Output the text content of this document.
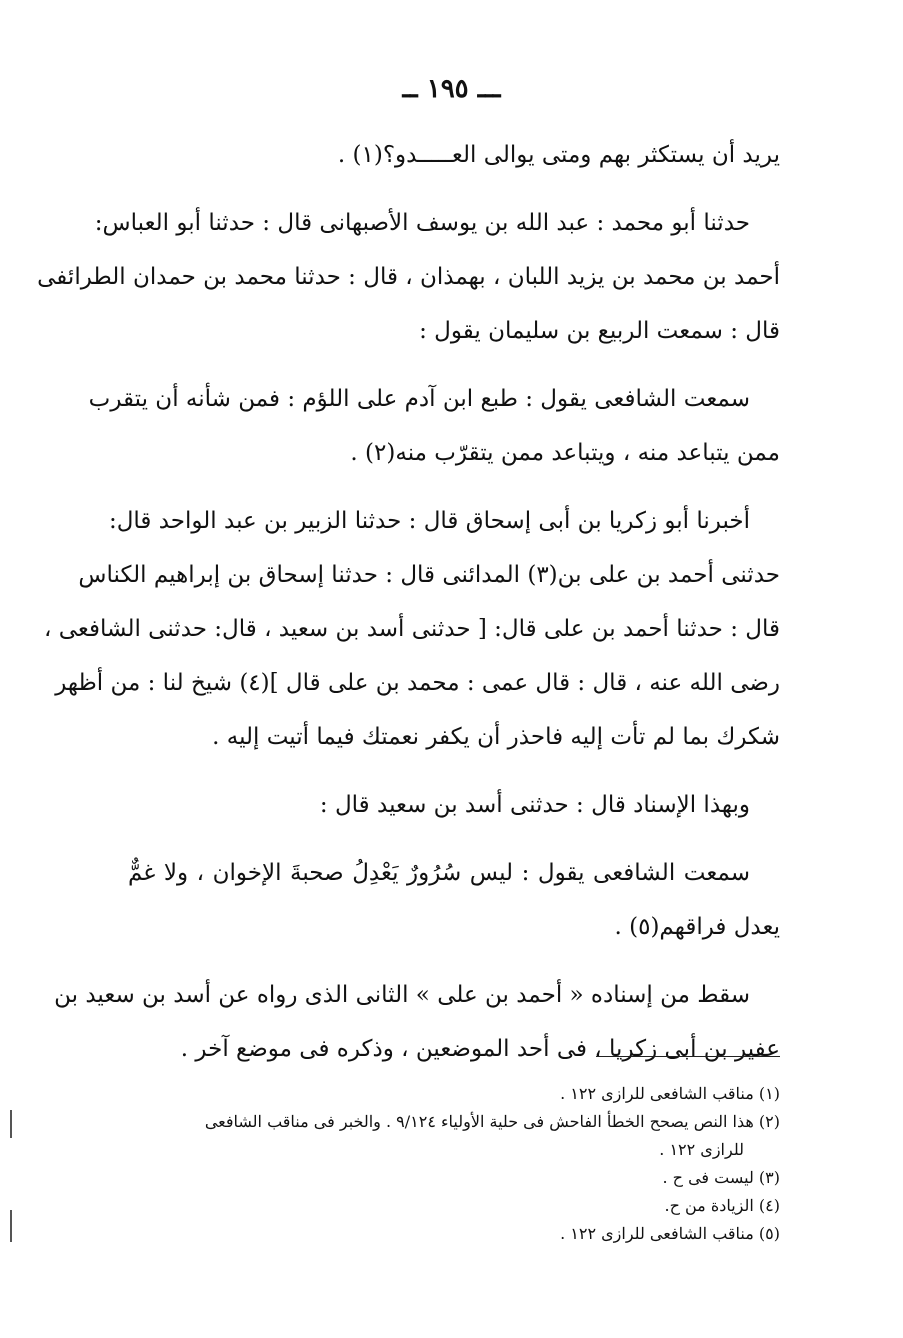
ـــ ١٩٥ ــ
يريد أن يستكثر بهم ومتى يوالى العـــــدو؟(١) .
حدثنا أبو محمد : عبد الله بن يوسف الأصبهانى قال : حدثنا أبو العباس:
أحمد بن محمد بن يزيد اللبان ، بهمذان ، قال : حدثنا محمد بن حمدان الطرائفى
قال : سمعت الربيع بن سليمان يقول :
سمعت الشافعى يقول : طبع ابن آدم على اللؤم : فمن شأنه أن يتقرب
ممن يتباعد منه ، ويتباعد ممن يتقرّب منه(٢) .
أخبرنا أبو زكريا بن أبى إسحاق قال : حدثنا الزبير بن عبد الواحد قال:
حدثنى أحمد بن على بن(٣) المدائنى قال : حدثنا إسحاق بن إبراهيم الكناس
قال : حدثنا أحمد بن على قال: [ حدثنى أسد بن سعيد ، قال: حدثنى الشافعى ،
رضى الله عنه ، قال : قال عمى : محمد بن على قال ](٤) شيخ لنا : من أظهر
شكرك بما لم تأت إليه فاحذر أن يكفر نعمتك فيما أتيت إليه .
وبهذا الإسناد قال : حدثنى أسد بن سعيد قال :
سمعت الشافعى يقول : ليس سُرُورٌ يَعْدِلُ صحبةَ الإخوان ، ولا غمٌّ
يعدل فراقهم(٥) .
سقط من إسناده « أحمد بن على » الثانى الذى رواه عن أسد بن سعيد بن
عفير بن أبى زكريا ، فى أحد الموضعين ، وذكره فى موضع آخر .
(١) مناقب الشافعى للرازى ١٢٢ .
(٢) هذا النص يصحح الخطأ الفاحش فى حلية الأولياء ٩/١٢٤ . والخبر فى مناقب الشافعى
للرازى ١٢٢ .
(٣) ليست فى ح .
(٤) الزيادة من ح.
(٥) مناقب الشافعى للرازى ١٢٢ .
